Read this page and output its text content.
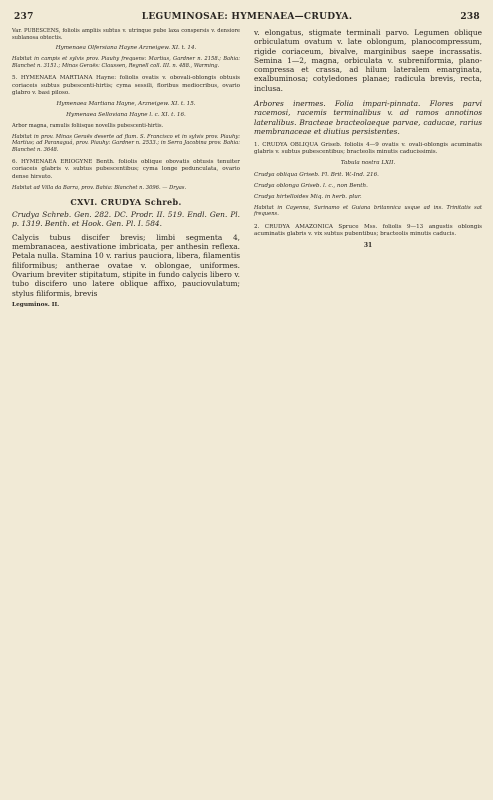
237	LEGUMINOSAE: HYMENAEA—CRUDYA.	238

Var. PUBESCENS, foliolis ampliis subtus v. utrinque pube laxa conspersis v. densiore sublanosa obtectis.

Hymenaea Olfersiana Hayne Arzneigew. XI. t. 14.

Habitat in campis et sylvis prov. Piauhy frequens: Martius, Gardner n. 2158.; Bahia: Blanchet n. 3151.; Minas Geraës: Claussen, Regnell coll. III. n. 488., Warming.

5. HYMENAEA MARTIANA Hayne: foliolis ovatis v. obovali-oblongis obtusis coriaceis subtus pubescenti-hirtis; cyma sessili, floribus mediocribus, ovario glabro v. basi piloso.

Hymenaea Martiana Hayne, Arzneigew. XI. t. 15.

Hymenaea Selloviana Hayne l. c. XI. t. 16.

Arbor magna, ramulis foliisque novellis pubescenti-hirtis.

Habitat in prov. Minas Geraës deserte ad flum. S. Francisco et in sylvis prov. Piauhy: Martius; ad Paranaguá, prov. Piauhy: Gardner n. 2533.; in Serra Jacobina prov. Bahia: Blanchet n. 3648.

6. HYMENAEA ERIOGYNE Benth. foliolis oblique obovatis obtusis tenuiter coriaceis glabris v. subtus pubescentibus; cyma longe pedunculata, ovario dense hirsuto.

Habitat ad Villa da Barra, prov. Bahia: Blanchet n. 3096. — Dryas.

CXVI. CRUDYA Schreb.

Crudya Schreb. Gen. 282. DC. Prodr. II. 519. Endl. Gen. Pl. p. 1319. Benth. et Hook. Gen. Pl. I. 584.

Calycis tubus discifer brevis; limbi segmenta 4, membranacea, aestivatione imbricata, per anthesin reflexa. Petala nulla. Stamina 10 v. rarius pauciora, libera, filamentis filiformibus; antherae ovatae v. oblongae, uniformes. Ovarium breviter stipitatum, stipite in fundo calycis libero v. tubo discifero uno latere oblique affixo, pauciovulatum; stylus filiformis, brevis

Leguminos. II.

v. elongatus, stigmate terminali parvo. Legumen oblique orbiculatum ovatum v. late oblongum, planocompressum, rigide coriaceum, bivalve, marginibus saepe incrassatis. Semina 1—2, magna, orbiculata v. subreniformia, plano-compressa et crassa, ad hilum lateralem emarginata, exalbuminosa; cotyledones planae; radicula brevis, recta, inclusa.

Arbores inermes. Folia impari-pinnata. Flores parvi racemosi, racemis terminalibus v. ad ramos annotinos lateralibus. Bracteae bracteolaeque parvae, caducae, rarius membranaceae et diutius persistentes.

1. CRUDYA OBLIQUA Griseb. foliolis 4—9 ovatis v. ovali-oblongis acuminatis glabris v. subtus pubescentibus; bracteolis minutis caducissimis.

Tabula nostra LXII.

Crudya obliqua Griseb. Fl. Brit. W.-Ind. 216.

Crudya oblonga Griseb. l. c., non Benth.

Crudya hirtelloides Miq. in herb. plur.

Habitat in Cayenna, Surinamo et Guiana britannica usque ad ins. Trinitatis sat frequens.

2. CRUDYA AMAZONICA Spruce Mss. foliolis 9—13 angustis oblongis acuminatis glabris v. vix subtus pubentibus; bracteolis minutis caducis.

31
